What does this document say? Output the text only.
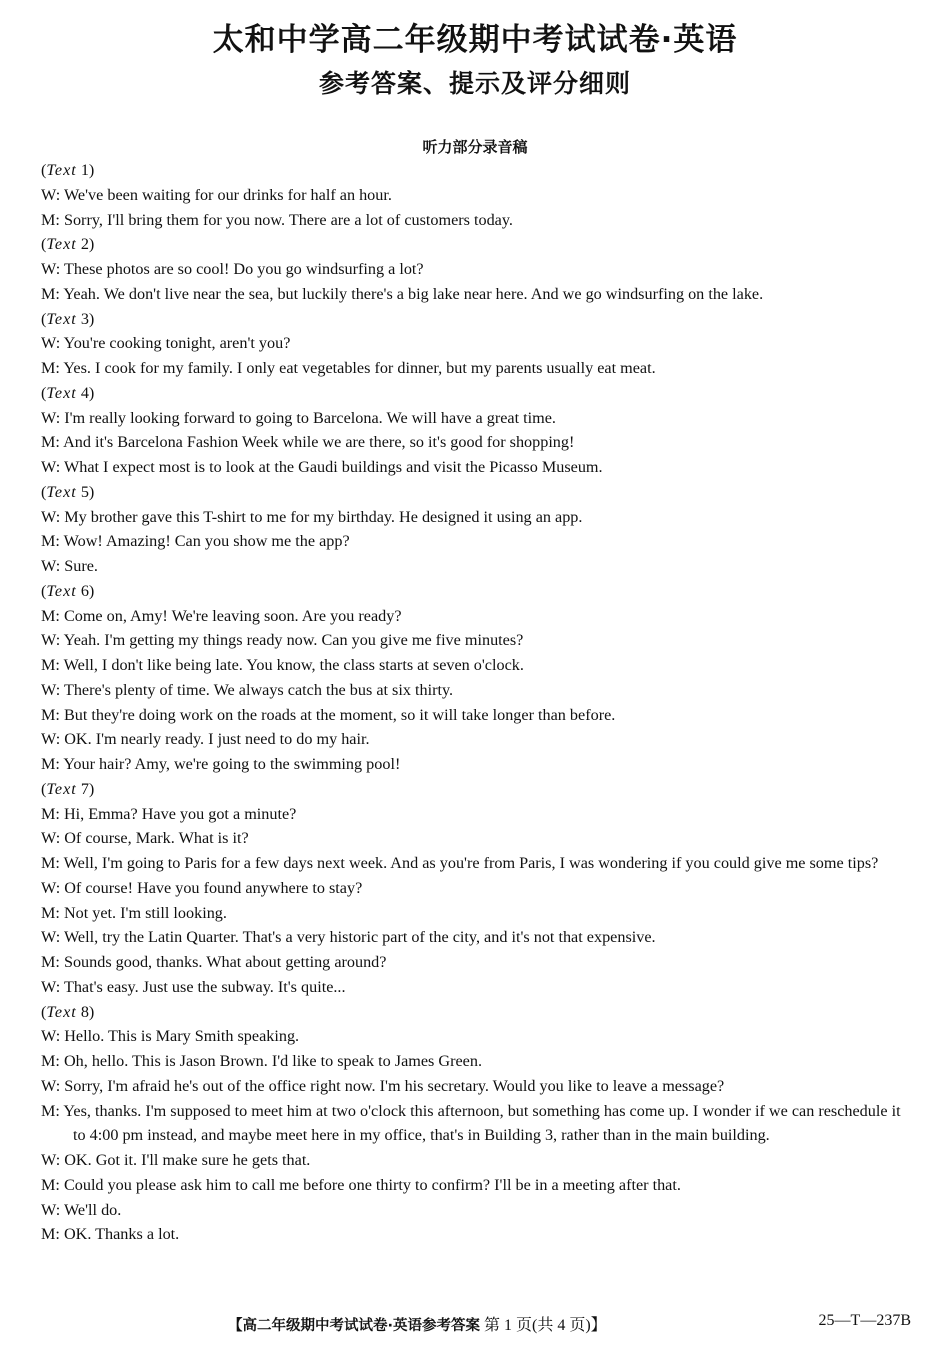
太和中学高二年级期中考试试卷·英语
参考答案、提示及评分细则
听力部分录音稿
(Text 1)
W: We've been waiting for our drinks for half an hour.
M: Sorry, I'll bring them for you now. There are a lot of customers today.
(Text 2)
W: These photos are so cool! Do you go windsurfing a lot?
M: Yeah. We don't live near the sea, but luckily there's a big lake near here. And we go windsurfing on the lake.
(Text 3)
W: You're cooking tonight, aren't you?
M: Yes. I cook for my family. I only eat vegetables for dinner, but my parents usually eat meat.
(Text 4)
W: I'm really looking forward to going to Barcelona. We will have a great time.
M: And it's Barcelona Fashion Week while we are there, so it's good for shopping!
W: What I expect most is to look at the Gaudi buildings and visit the Picasso Museum.
(Text 5)
W: My brother gave this T-shirt to me for my birthday. He designed it using an app.
M: Wow! Amazing! Can you show me the app?
W: Sure.
(Text 6)
M: Come on, Amy! We're leaving soon. Are you ready?
W: Yeah. I'm getting my things ready now. Can you give me five minutes?
M: Well, I don't like being late. You know, the class starts at seven o'clock.
W: There's plenty of time. We always catch the bus at six thirty.
M: But they're doing work on the roads at the moment, so it will take longer than before.
W: OK. I'm nearly ready. I just need to do my hair.
M: Your hair? Amy, we're going to the swimming pool!
(Text 7)
M: Hi, Emma? Have you got a minute?
W: Of course, Mark. What is it?
M: Well, I'm going to Paris for a few days next week. And as you're from Paris, I was wondering if you could give me some tips?
W: Of course! Have you found anywhere to stay?
M: Not yet. I'm still looking.
W: Well, try the Latin Quarter. That's a very historic part of the city, and it's not that expensive.
M: Sounds good, thanks. What about getting around?
W: That's easy. Just use the subway. It's quite...
(Text 8)
W: Hello. This is Mary Smith speaking.
M: Oh, hello. This is Jason Brown. I'd like to speak to James Green.
W: Sorry, I'm afraid he's out of the office right now. I'm his secretary. Would you like to leave a message?
M: Yes, thanks. I'm supposed to meet him at two o'clock this afternoon, but something has come up. I wonder if we can reschedule it to 4:00 pm instead, and maybe meet here in my office, that's in Building 3, rather than in the main building.
W: OK. Got it. I'll make sure he gets that.
M: Could you please ask him to call me before one thirty to confirm? I'll be in a meeting after that.
W: We'll do.
M: OK. Thanks a lot.
【高二年级期中考试试卷·英语参考答案 第 1 页(共 4 页)】	25—T—237B
